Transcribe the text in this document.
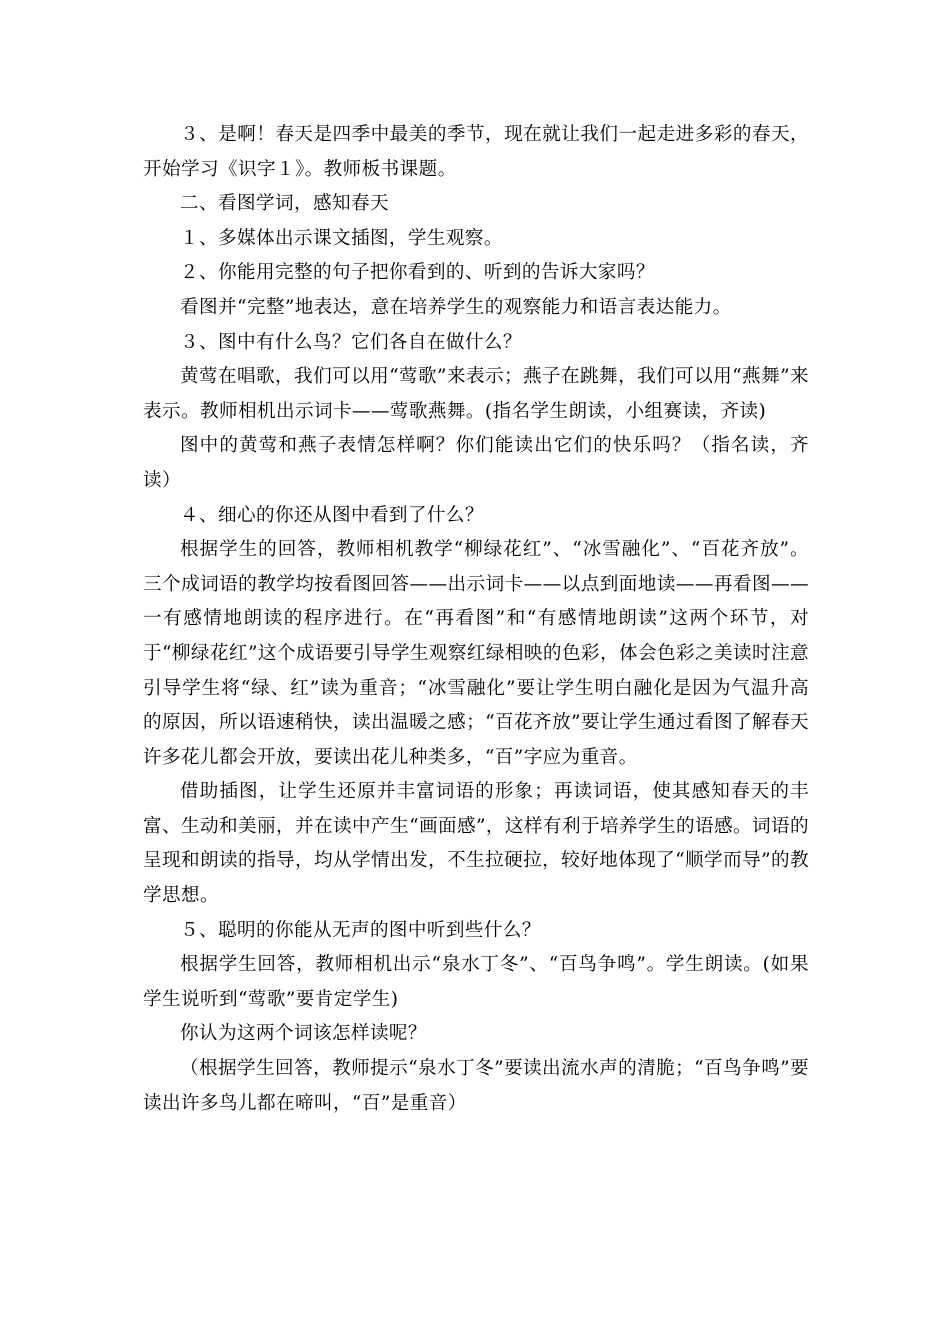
３、是啊！春天是四季中最美的季节，现在就让我们一起走进多彩的春天，开始学习《识字１》。教师板书课题。

二、看图学词，感知春天

１、多媒体出示课文插图，学生观察。

２、你能用完整的句子把你看到的、听到的告诉大家吗？

看图并“完整”地表达，意在培养学生的观察能力和语言表达能力。

３、图中有什么鸟？它们各自在做什么？

黄莺在唱歌，我们可以用“莺歌”来表示；燕子在跳舞，我们可以用“燕舞”来表示。教师相机出示词卡——莺歌燕舞。(指名学生朗读，小组赛读，齐读)

图中的黄莺和燕子表情怎样啊？你们能读出它们的快乐吗？（指名读，齐读）

４、细心的你还从图中看到了什么？

根据学生的回答，教师相机教学“柳绿花红”、“冰雪融化”、“百花齐放”。三个成词语的教学均按看图回答——出示词卡——以点到面地读——再看图——一有感情地朗读的程序进行。在“再看图”和“有感情地朗读”这两个环节，对于“柳绿花红”这个成语要引导学生观察红绿相映的色彩，体会色彩之美读时注意引导学生将“绿、红”读为重音；“冰雪融化”要让学生明白融化是因为气温升高的原因，所以语速稍快，读出温暖之感；“百花齐放”要让学生通过看图了解春天许多花儿都会开放，要读出花儿种类多，“百”字应为重音。

借助插图，让学生还原并丰富词语的形象；再读词语，使其感知春天的丰富、生动和美丽，并在读中产生“画面感”，这样有利于培养学生的语感。词语的呈现和朗读的指导，均从学情出发，不生拉硬拉，较好地体现了“顺学而导”的教学思想。

５、聪明的你能从无声的图中听到些什么？

根据学生回答，教师相机出示“泉水丁冬”、“百鸟争鸣”。学生朗读。(如果学生说听到“莺歌”要肯定学生)

你认为这两个词该怎样读呢？

（根据学生回答，教师提示“泉水丁冬”要读出流水声的清脆；“百鸟争鸣”要读出许多鸟儿都在啼叫，“百”是重音）
